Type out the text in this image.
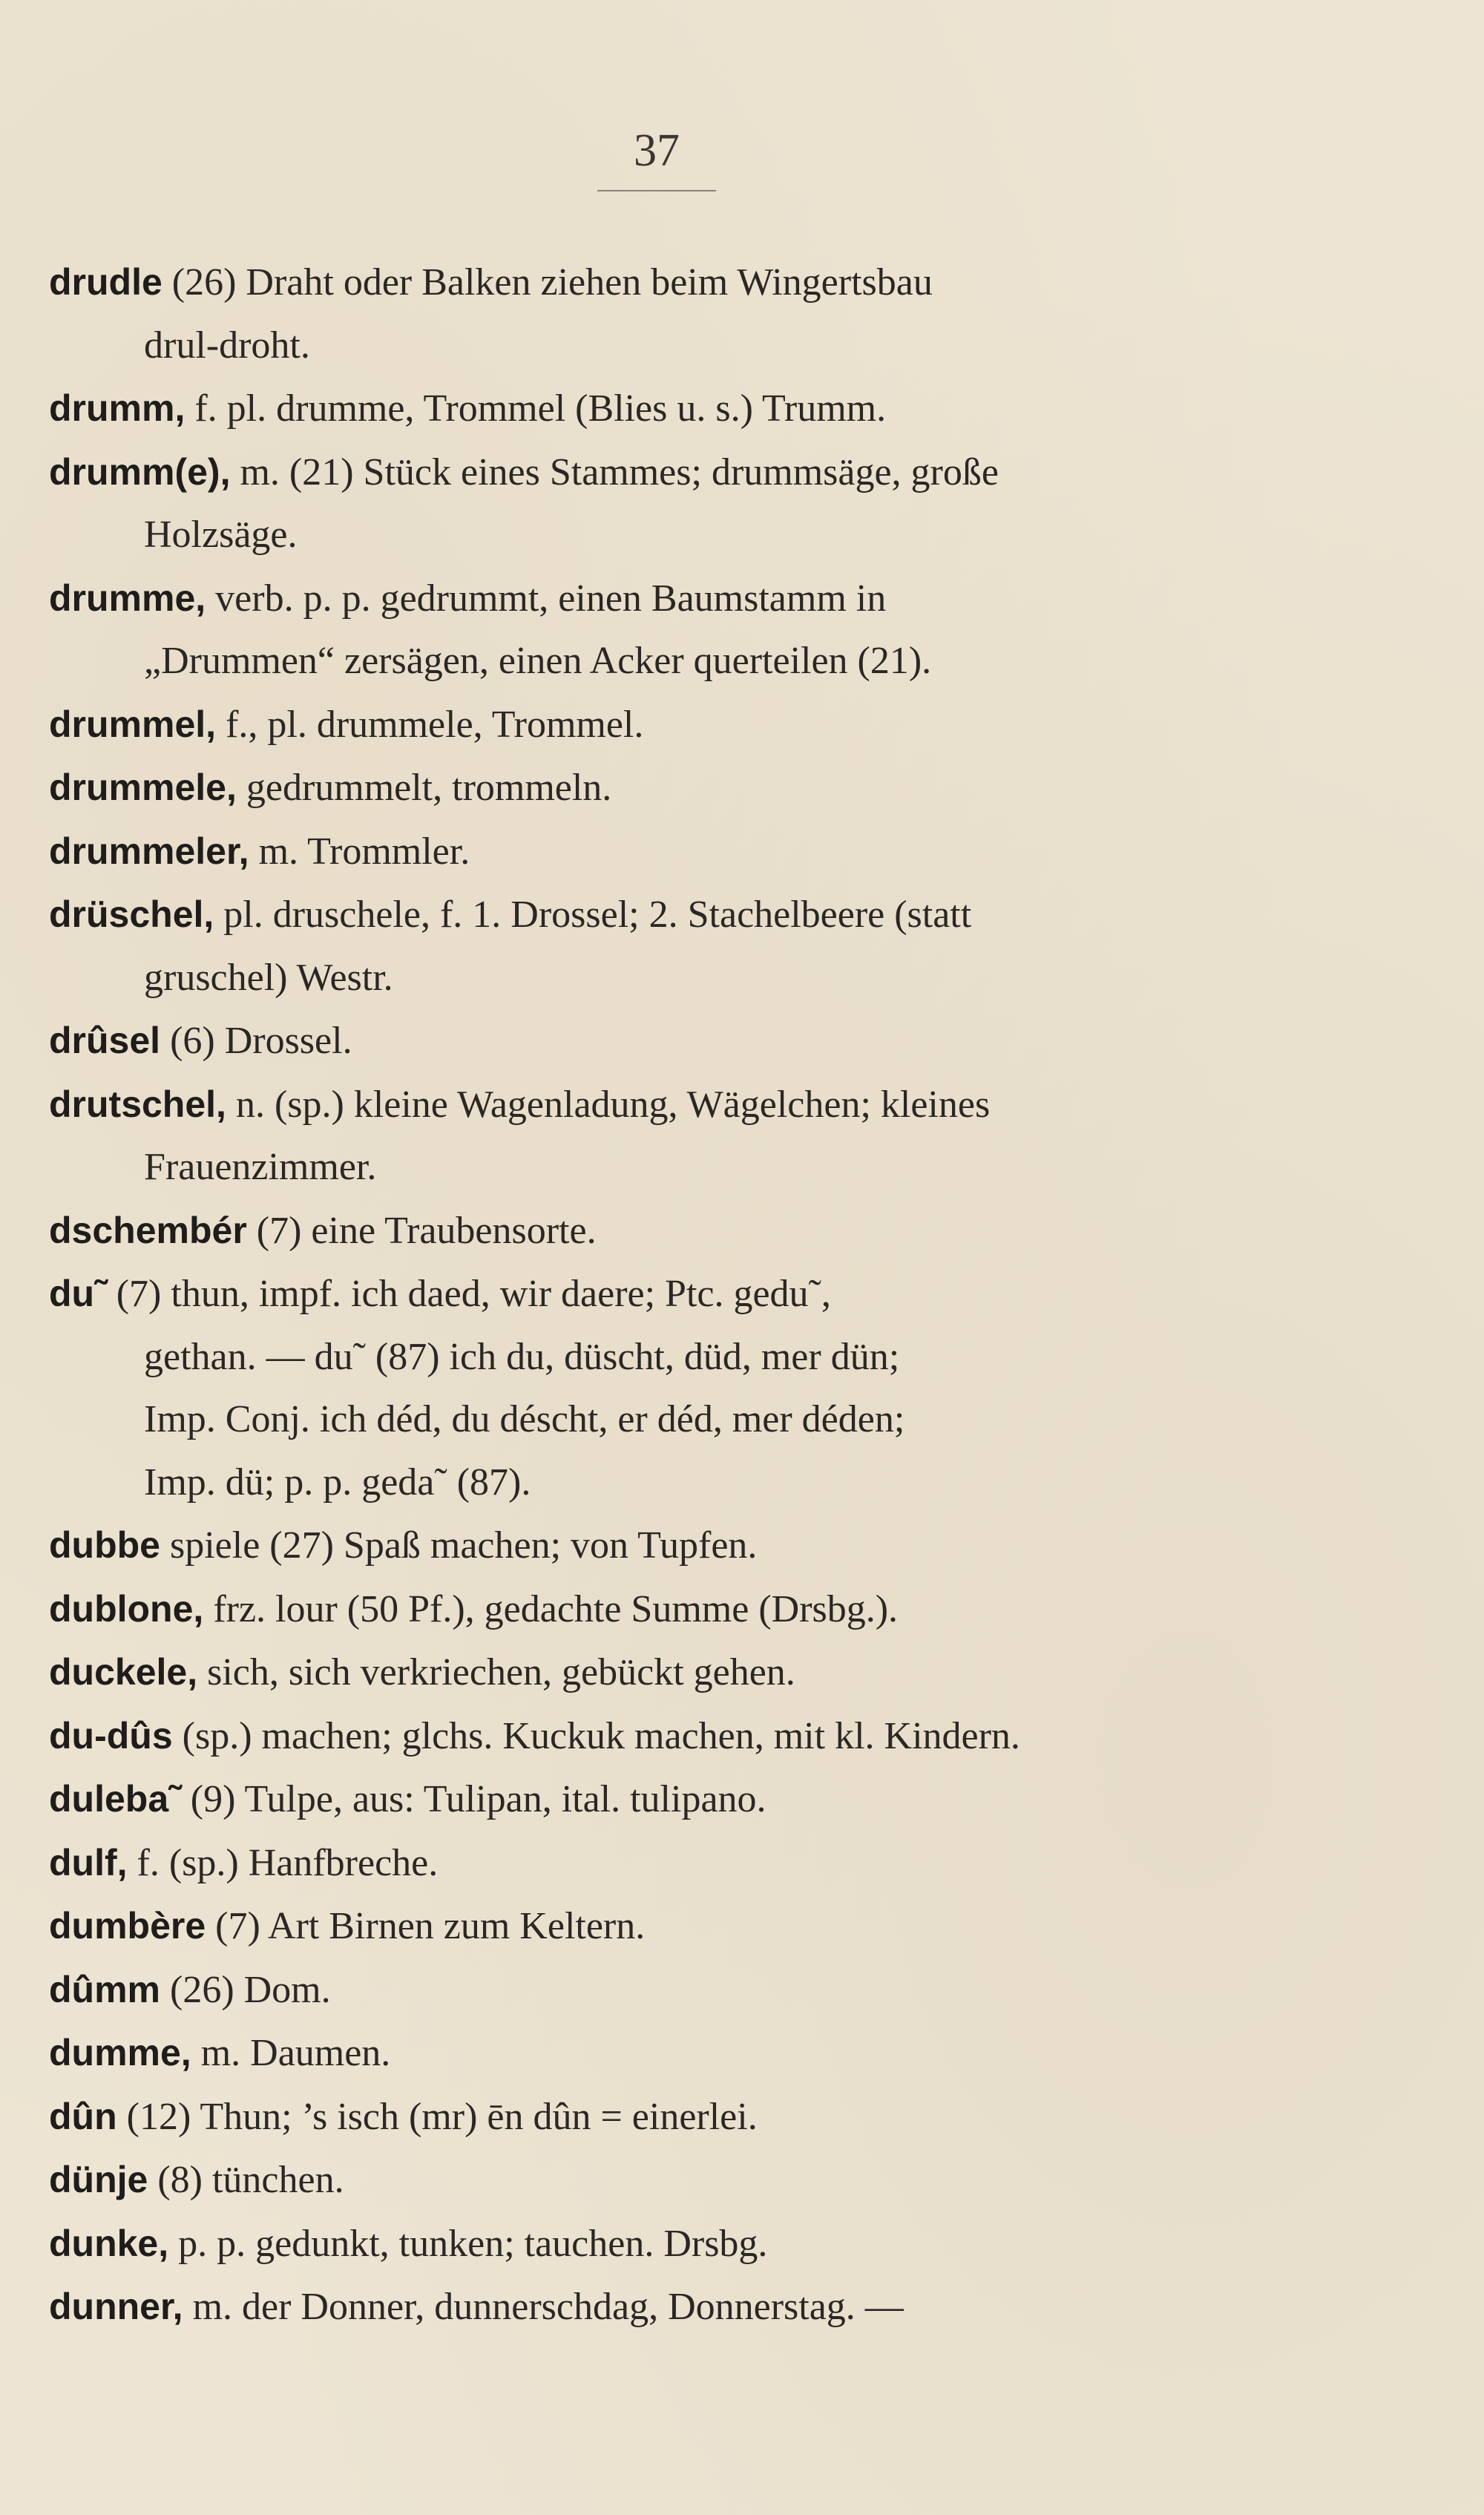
37

drudle (26) Draht oder Balken ziehen beim Wingertsbau
drul-droht.

drumm, f. pl. drumme, Trommel (Blies u. s.) Trumm.

drumm(e), m. (21) Stück eines Stammes; drummsäge, große
Holzsäge.

drumme, verb. p. p. gedrummt, einen Baumstamm in
„Drummen“ zersägen, einen Acker querteilen (21).

drummel, f., pl. drummele, Trommel.

drummele, gedrummelt, trommeln.

drummeler, m. Trommler.

drüschel, pl. druschele, f. 1. Drossel; 2. Stachelbeere (statt
gruschel) Westr.

drûsel (6) Drossel.

drutschel, n. (sp.) kleine Wagenladung, Wägelchen; kleines
Frauenzimmer.

dschembér (7) eine Traubensorte.

du˜ (7) thun, impf. ich daed, wir daere; Ptc. gedu˜,
gethan. — du˜ (87) ich du, düscht, düd, mer dün;
Imp. Conj. ich déd, du déscht, er déd, mer déden;
Imp. dü; p. p. geda˜ (87).

dubbe spiele (27) Spaß machen; von Tupfen.

dublone, frz. lour (50 Pf.), gedachte Summe (Drsbg.).

duckele, sich, sich verkriechen, gebückt gehen.

du-dûs (sp.) machen; glchs. Kuckuk machen, mit kl. Kindern.

duleba˜ (9) Tulpe, aus: Tulipan, ital. tulipano.

dulf, f. (sp.) Hanfbreche.

dumbère (7) Art Birnen zum Keltern.

dûmm (26) Dom.

dumme, m. Daumen.

dûn (12) Thun; ’s isch (mr) ēn dûn = einerlei.

dünje (8) tünchen.

dunke, p. p. gedunkt, tunken; tauchen. Drsbg.

dunner, m. der Donner, dunnerschdag, Donnerstag. —
